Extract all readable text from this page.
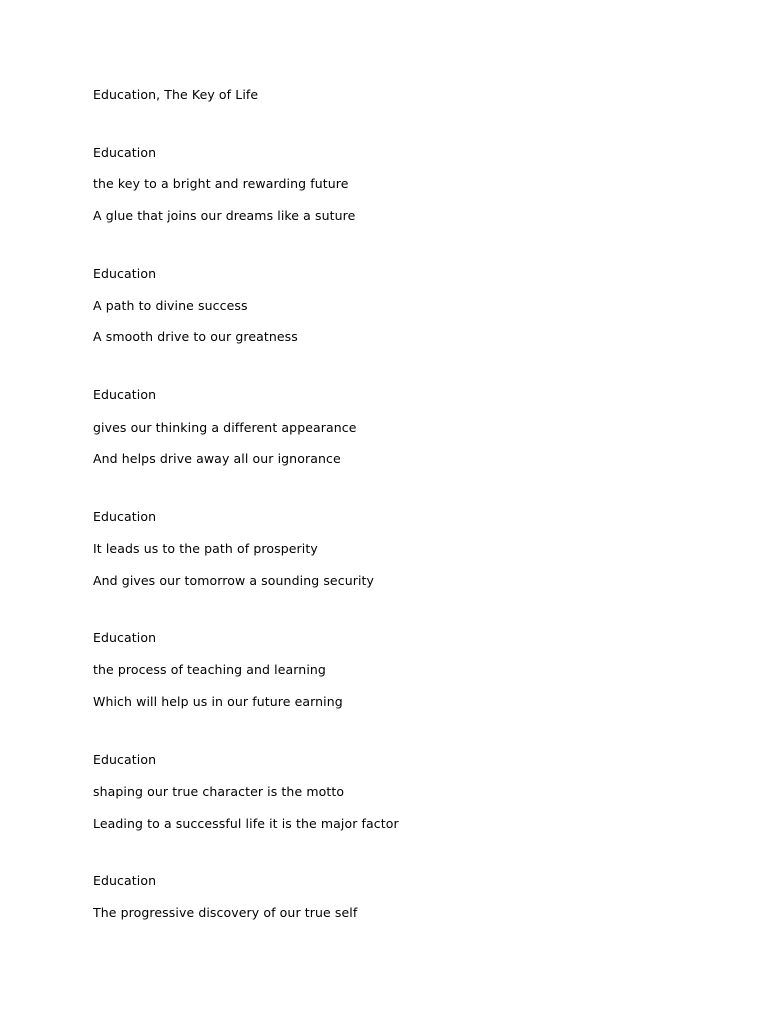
Education, The Key of Life
Education
the key to a bright and rewarding future
A glue that joins our dreams like a suture
Education
A path to divine success
A smooth drive to our greatness
Education
gives our thinking a different appearance
And helps drive away all our ignorance
Education
It leads us to the path of prosperity
And gives our tomorrow a sounding security
Education
the process of teaching and learning
Which will help us in our future earning
Education
shaping our true character is the motto
Leading to a successful life it is the major factor
Education
The progressive discovery of our true self
